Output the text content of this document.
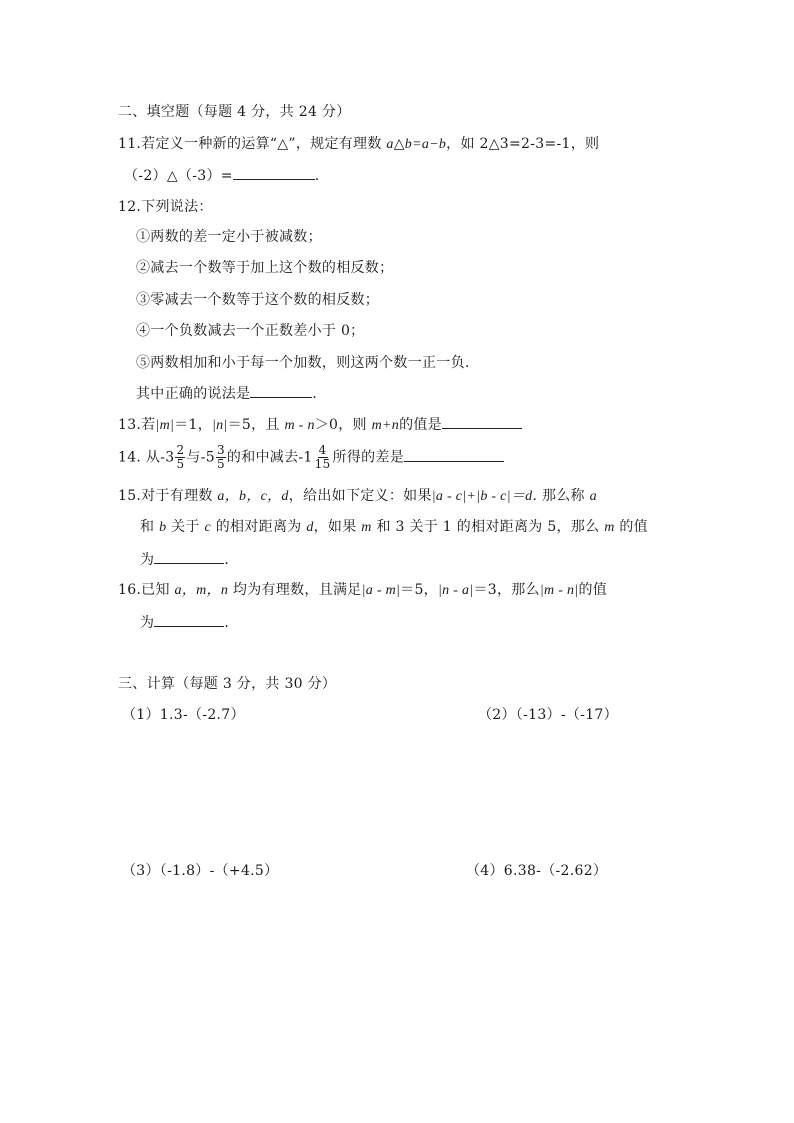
二、填空题（每题 4 分，共 24 分）
11.若定义一种新的运算“△”，规定有理数 a△b=a−b，如 2△3=2-3=-1，则
（-2）△（-3）=	.
12.下列说法：
①两数的差一定小于被减数；
②减去一个数等于加上这个数的相反数；
③零减去一个数等于这个数的相反数；
④一个负数减去一个正数差小于 0；
⑤两数相加和小于每一个加数，则这两个数一正一负.
其中正确的说法是	.
13.若|m|＝1，|n|＝5，且 m - n＞0，则 m+n的值是
14. 从$-3 \frac{2}{5}$ 与$-5 \frac{3}{5}$ 的和中减去$-1 \frac{4}{15}$ 所得的差是
15.对于有理数 a，b，c，d，给出如下定义：如果|a - c|+|b - c|＝d. 那么称 a
和 b 关于 c 的相对距离为 d，如果 m 和 3 关于 1 的相对距离为 5，那么 m 的值
为	.
16.已知 a，m，n 均为有理数，且满足|a - m|＝5，|n - a|＝3，那么|m - n|的值
为	.
三、计算（每题 3 分，共 30 分）
（1）1.3-（-2.7）	（2）（-13）-（-17）
（3）（-1.8）-（+4.5）	（4）6.38-（-2.62）
